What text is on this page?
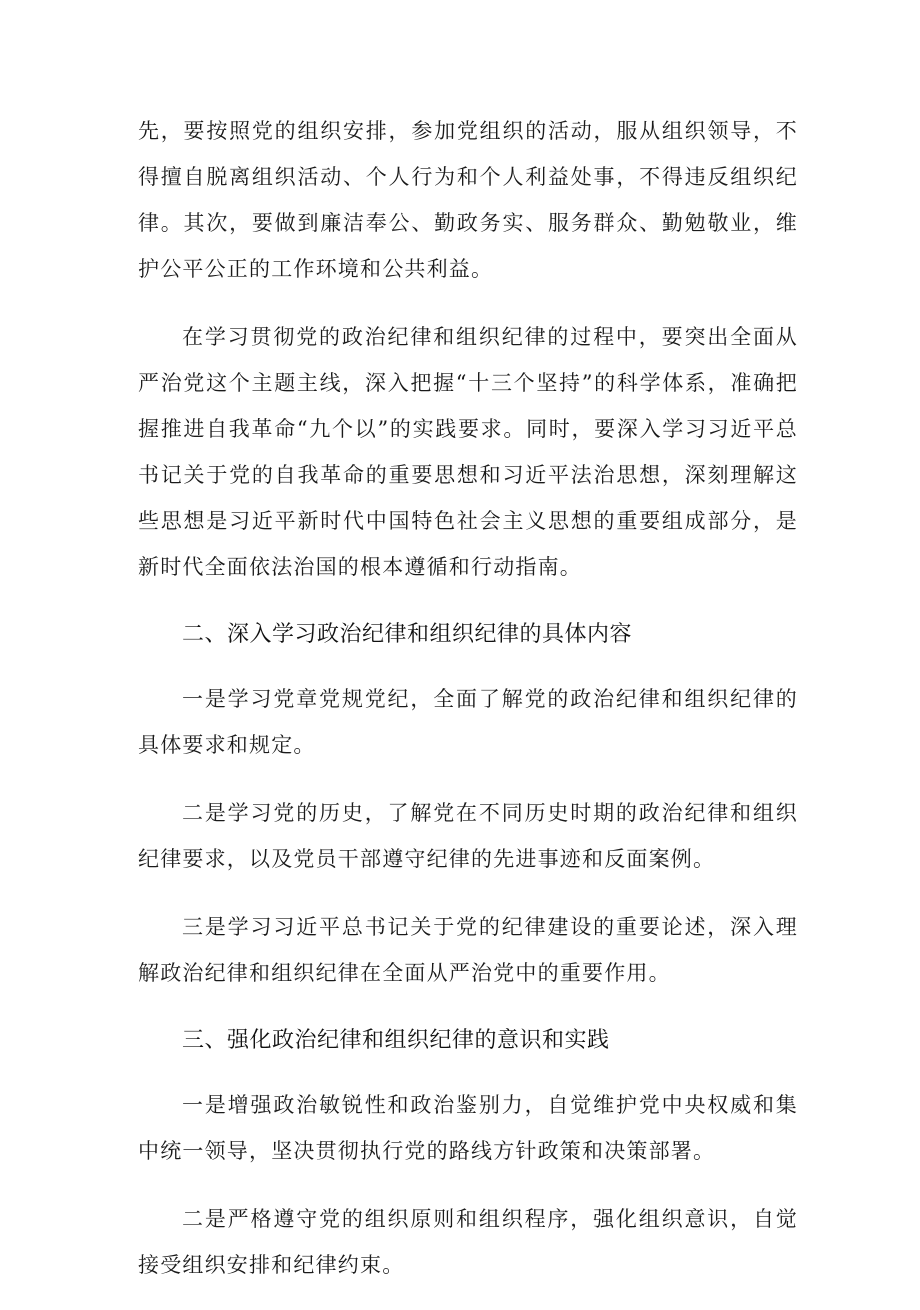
先，要按照党的组织安排，参加党组织的活动，服从组织领导，不得擅自脱离组织活动、个人行为和个人利益处事，不得违反组织纪律。其次，要做到廉洁奉公、勤政务实、服务群众、勤勉敬业，维护公平公正的工作环境和公共利益。

在学习贯彻党的政治纪律和组织纪律的过程中，要突出全面从严治党这个主题主线，深入把握“十三个坚持”的科学体系，准确把握推进自我革命“九个以”的实践要求。同时，要深入学习习近平总书记关于党的自我革命的重要思想和习近平法治思想，深刻理解这些思想是习近平新时代中国特色社会主义思想的重要组成部分，是新时代全面依法治国的根本遵循和行动指南。

二、深入学习政治纪律和组织纪律的具体内容

一是学习党章党规党纪，全面了解党的政治纪律和组织纪律的具体要求和规定。

二是学习党的历史，了解党在不同历史时期的政治纪律和组织纪律要求，以及党员干部遵守纪律的先进事迹和反面案例。

三是学习习近平总书记关于党的纪律建设的重要论述，深入理解政治纪律和组织纪律在全面从严治党中的重要作用。

三、强化政治纪律和组织纪律的意识和实践

一是增强政治敏锐性和政治鉴别力，自觉维护党中央权威和集中统一领导，坚决贯彻执行党的路线方针政策和决策部署。

二是严格遵守党的组织原则和组织程序，强化组织意识，自觉接受组织安排和纪律约束。
